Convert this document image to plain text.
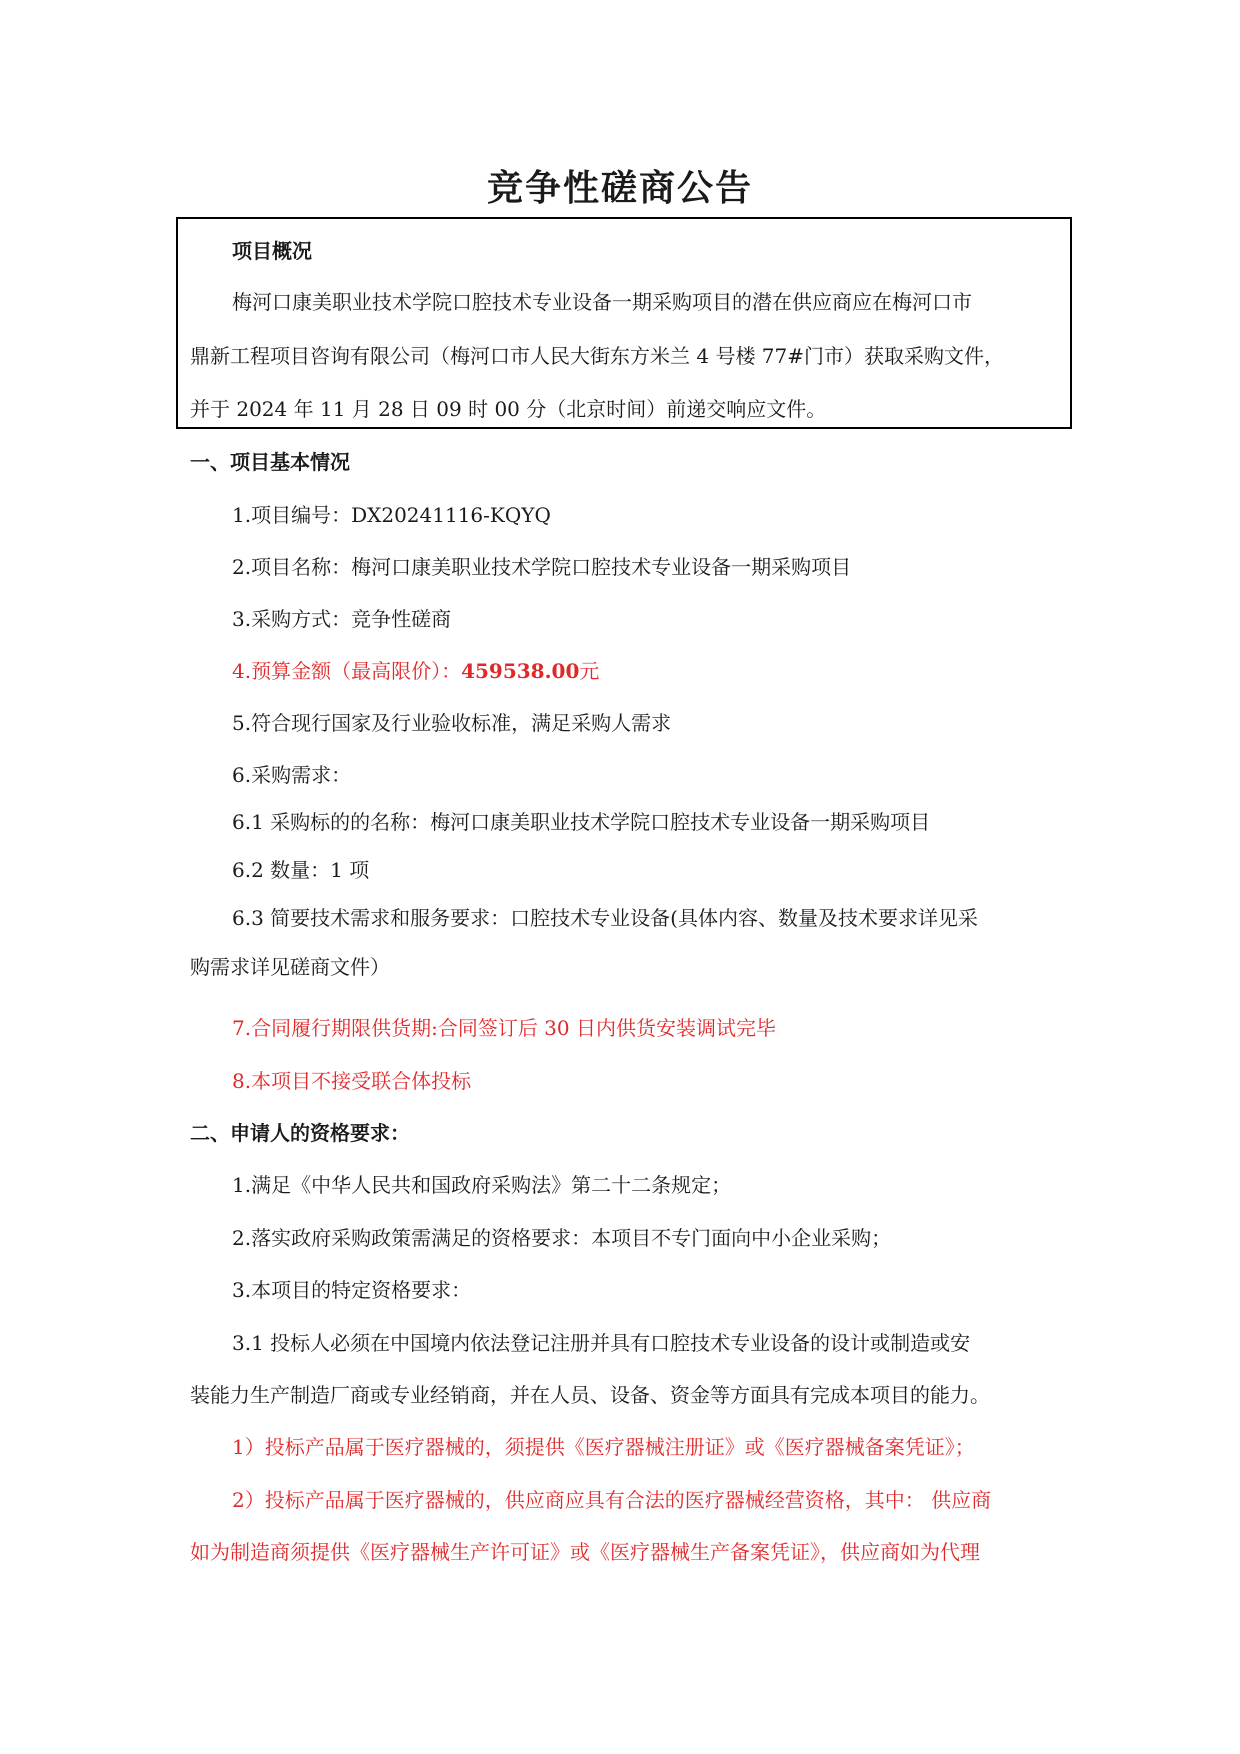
竞争性磋商公告
项目概况
梅河口康美职业技术学院口腔技术专业设备一期采购项目的潜在供应商应在梅河口市
鼎新工程项目咨询有限公司（梅河口市人民大街东方米兰 4 号楼 77#门市）获取采购文件，
并于 2024 年 11 月 28 日 09 时 00 分（北京时间）前递交响应文件。
一、项目基本情况
1.项目编号：DX20241116-KQYQ
2.项目名称：梅河口康美职业技术学院口腔技术专业设备一期采购项目
3.采购方式：竞争性磋商
4.预算金额（最高限价）：459538.00元
5.符合现行国家及行业验收标准，满足采购人需求
6.采购需求：
6.1 采购标的的名称：梅河口康美职业技术学院口腔技术专业设备一期采购项目
6.2 数量：1 项
6.3 简要技术需求和服务要求：口腔技术专业设备(具体内容、数量及技术要求详见采
购需求详见磋商文件）
7.合同履行期限供货期:合同签订后 30 日内供货安装调试完毕
8.本项目不接受联合体投标
二、申请人的资格要求：
1.满足《中华人民共和国政府采购法》第二十二条规定；
2.落实政府采购政策需满足的资格要求：本项目不专门面向中小企业采购；
3.本项目的特定资格要求：
3.1 投标人必须在中国境内依法登记注册并具有口腔技术专业设备的设计或制造或安
装能力生产制造厂商或专业经销商，并在人员、设备、资金等方面具有完成本项目的能力。
1）投标产品属于医疗器械的，须提供《医疗器械注册证》或《医疗器械备案凭证》；
2）投标产品属于医疗器械的，供应商应具有合法的医疗器械经营资格，其中： 供应商
如为制造商须提供《医疗器械生产许可证》或《医疗器械生产备案凭证》，供应商如为代理
